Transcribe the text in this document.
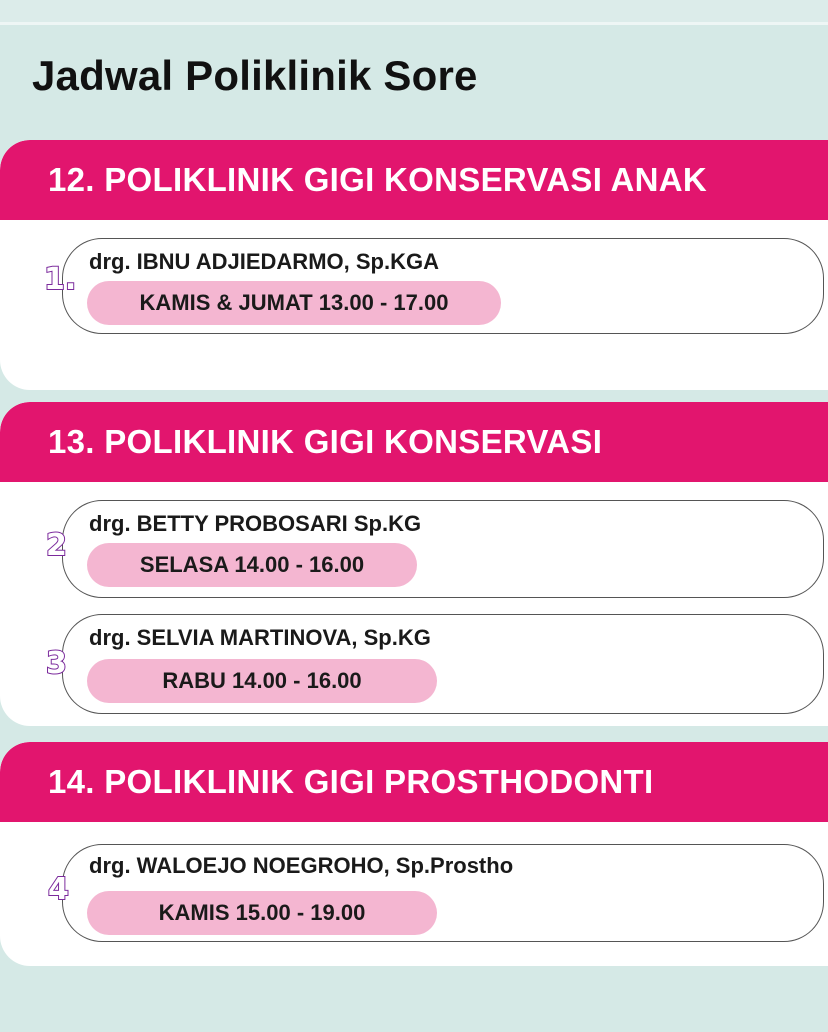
Jadwal Poliklinik Sore
12. POLIKLINIK GIGI KONSERVASI ANAK
drg. IBNU ADJIEDARMO, Sp.KGA
KAMIS & JUMAT 13.00 - 17.00
1.
13. POLIKLINIK GIGI KONSERVASI
drg. BETTY PROBOSARI Sp.KG
SELASA 14.00 - 16.00
2
drg. SELVIA MARTINOVA, Sp.KG
RABU 14.00 - 16.00
3
14. POLIKLINIK GIGI PROSTHODONTI
drg. WALOEJO NOEGROHO, Sp.Prostho
KAMIS 15.00 - 19.00
4
